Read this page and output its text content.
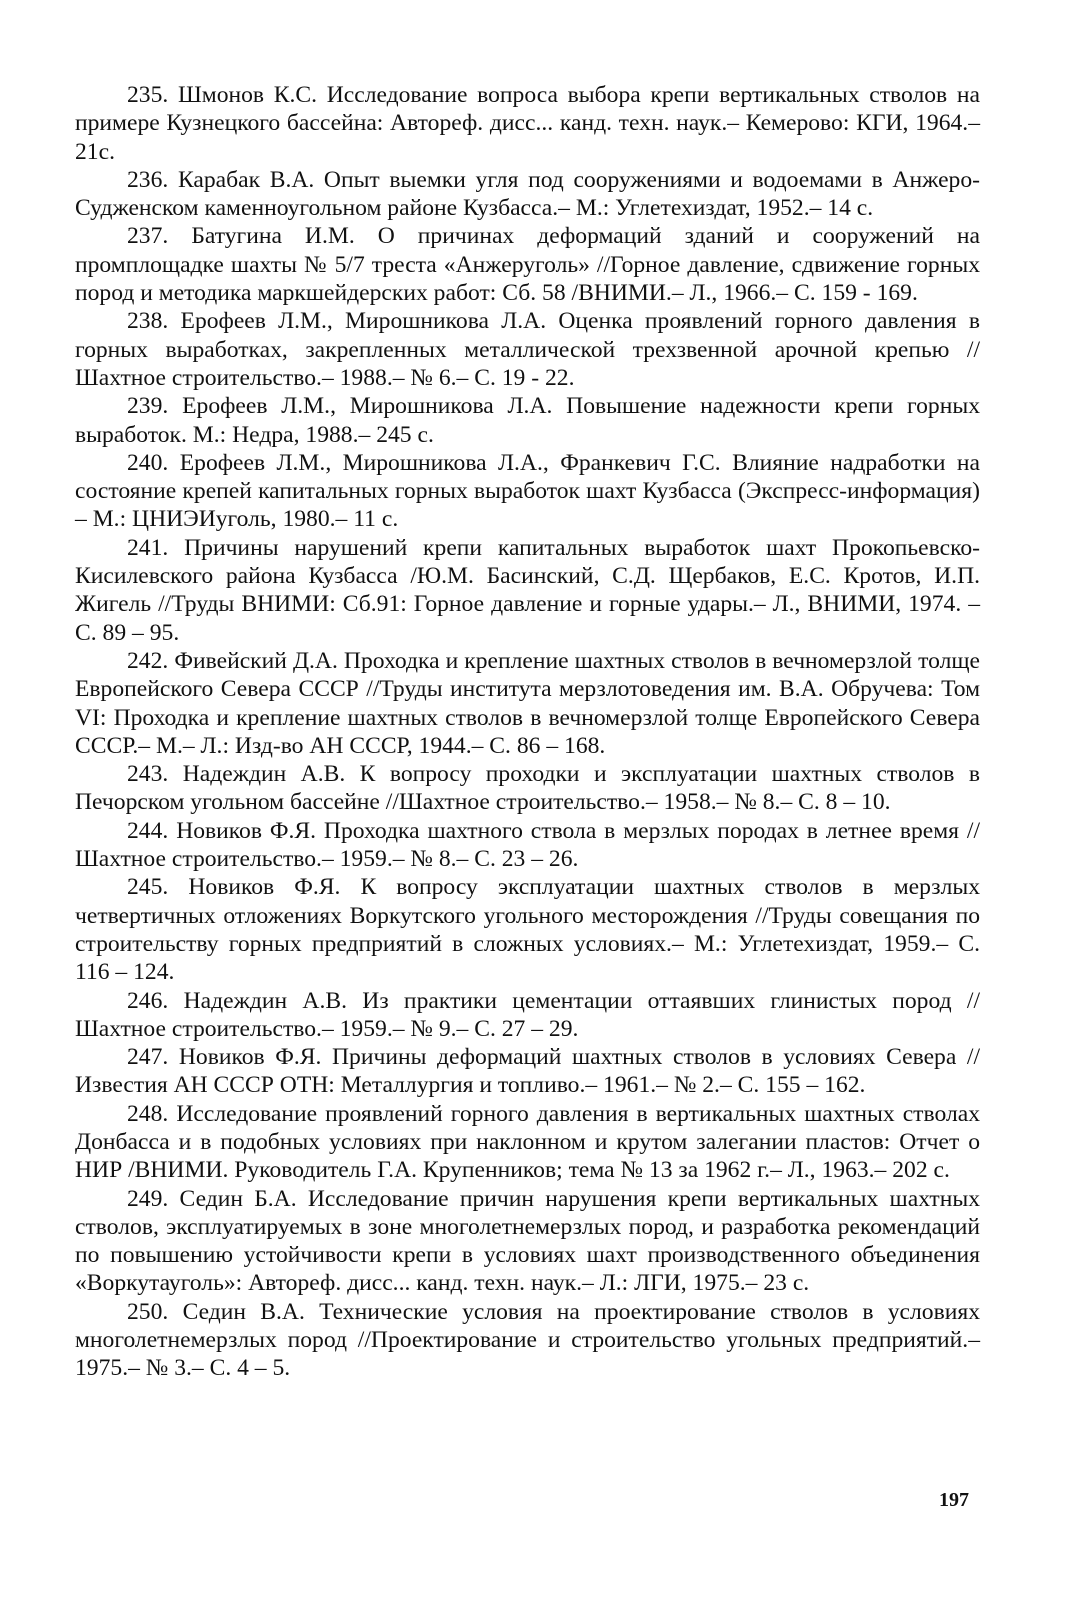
235. Шмонов К.С. Исследование вопроса выбора крепи вертикальных стволов на примере Кузнецкого бассейна: Автореф. дисс... канд. техн. наук.– Кемерово: КГИ, 1964.– 21с.

236. Карабак В.А. Опыт выемки угля под сооружениями и водоемами в Анжеро-Судженском каменноугольном районе Кузбасса.– М.: Углетехиздат, 1952.– 14 с.

237. Батугина И.М. О причинах деформаций зданий и сооружений на промплощадке шахты № 5/7 треста «Анжеруголь» //Горное давление, сдвижение горных пород и методика маркшейдерских работ: Сб. 58 /ВНИМИ.– Л., 1966.– С. 159 - 169.

238. Ерофеев Л.М., Мирошникова Л.А. Оценка проявлений горного давления в горных выработках, закрепленных металлической трехзвенной арочной крепью //Шахтное строительство.– 1988.– № 6.– С. 19 - 22.

239. Ерофеев Л.М., Мирошникова Л.А. Повышение надежности крепи горных выработок. М.: Недра, 1988.– 245 с.

240. Ерофеев Л.М., Мирошникова Л.А., Франкевич Г.С. Влияние надработки на состояние крепей капитальных горных выработок шахт Кузбасса (Экспресс-информация) – М.: ЦНИЭИуголь, 1980.– 11 с.

241. Причины нарушений крепи капитальных выработок шахт Прокопьевско-Кисилевского района Кузбасса /Ю.М. Басинский, С.Д. Щербаков, Е.С. Кротов, И.П. Жигель //Труды ВНИМИ: Сб.91: Горное давление и горные удары.– Л., ВНИМИ, 1974. – С. 89 – 95.

242. Фивейский Д.А. Проходка и крепление шахтных стволов в вечномерзлой толще Европейского Севера СССР //Труды института мерзлотоведения им. В.А. Обручева: Том VI: Проходка и крепление шахтных стволов в вечномерзлой толще Европейского Севера СССР.– М.– Л.: Изд-во АН СССР, 1944.– С. 86 – 168.

243. Надеждин А.В. К вопросу проходки и эксплуатации шахтных стволов в Печорском угольном бассейне //Шахтное строительство.– 1958.– № 8.– С. 8 – 10.

244. Новиков Ф.Я. Проходка шахтного ствола в мерзлых породах в летнее время //Шахтное строительство.– 1959.– № 8.– С. 23 – 26.

245. Новиков Ф.Я. К вопросу эксплуатации шахтных стволов в мерзлых четвертичных отложениях Воркутского угольного месторождения //Труды совещания по строительству горных предприятий в сложных условиях.– М.: Углетехиздат, 1959.– С. 116 – 124.

246. Надеждин А.В. Из практики цементации оттаявших глинистых пород //Шахтное строительство.– 1959.– № 9.– С. 27 – 29.

247. Новиков Ф.Я. Причины деформаций шахтных стволов в условиях Севера //Известия АН СССР ОТН: Металлургия и топливо.– 1961.– № 2.– С. 155 – 162.

248. Исследование проявлений горного давления в вертикальных шахтных стволах Донбасса и в подобных условиях при наклонном и крутом залегании пластов: Отчет о НИР /ВНИМИ. Руководитель Г.А. Крупенников; тема № 13 за 1962 г.– Л., 1963.– 202 с.

249. Седин Б.А. Исследование причин нарушения крепи вертикальных шахтных стволов, эксплуатируемых в зоне многолетнемерзлых пород, и разработка рекомендаций по повышению устойчивости крепи в условиях шахт производственного объединения «Воркутауголь»: Автореф. дисс... канд. техн. наук.– Л.: ЛГИ, 1975.– 23 с.

250. Седин В.А. Технические условия на проектирование стволов в условиях многолетнемерзлых пород //Проектирование и строительство угольных предприятий.– 1975.– № 3.– С. 4 – 5.

197
